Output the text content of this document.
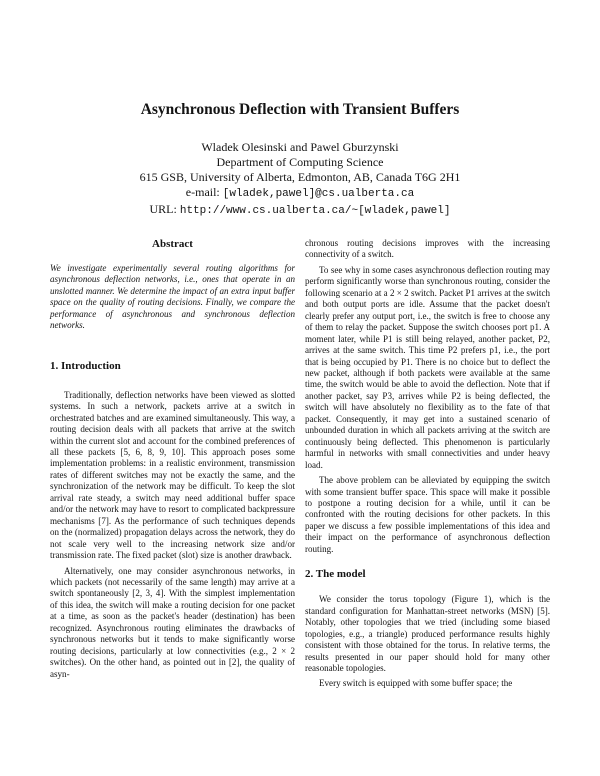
Asynchronous Deflection with Transient Buffers
Wladek Olesinski and Pawel Gburzynski
Department of Computing Science
615 GSB, University of Alberta, Edmonton, AB, Canada T6G 2H1
e-mail: [wladek,pawel]@cs.ualberta.ca
URL: http://www.cs.ualberta.ca/~[wladek,pawel]
Abstract

We investigate experimentally several routing algorithms for asynchronous deflection networks, i.e., ones that operate in an unslotted manner. We determine the impact of an extra input buffer space on the quality of routing decisions. Finally, we compare the performance of asynchronous and synchronous deflection networks.

1. Introduction

Traditionally, deflection networks have been viewed as slotted systems. In such a network, packets arrive at a switch in orchestrated batches and are examined simultaneously. This way, a routing decision deals with all packets that arrive at the switch within the current slot and account for the combined preferences of all these packets [5, 6, 8, 9, 10]. This approach poses some implementation problems: in a realistic environment, transmission rates of different switches may not be exactly the same, and the synchronization of the network may be difficult. To keep the slot arrival rate steady, a switch may need additional buffer space and/or the network may have to resort to complicated backpressure mechanisms [7]. As the performance of such techniques depends on the (normalized) propagation delays across the network, they do not scale very well to the increasing network size and/or transmission rate. The fixed packet (slot) size is another drawback.

Alternatively, one may consider asynchronous networks, in which packets (not necessarily of the same length) may arrive at a switch spontaneously [2, 3, 4]. With the simplest implementation of this idea, the switch will make a routing decision for one packet at a time, as soon as the packet's header (destination) has been recognized. Asynchronous routing eliminates the drawbacks of synchronous networks but it tends to make significantly worse routing decisions, particularly at low connectivities (e.g., 2 × 2 switches). On the other hand, as pointed out in [2], the quality of asyn-

chronous routing decisions improves with the increasing connectivity of a switch.

To see why in some cases asynchronous deflection routing may perform significantly worse than synchronous routing, consider the following scenario at a 2 × 2 switch. Packet P1 arrives at the switch and both output ports are idle. Assume that the packet doesn't clearly prefer any output port, i.e., the switch is free to choose any of them to relay the packet. Suppose the switch chooses port p1. A moment later, while P1 is still being relayed, another packet, P2, arrives at the same switch. This time P2 prefers p1, i.e., the port that is being occupied by P1. There is no choice but to deflect the new packet, although if both packets were available at the same time, the switch would be able to avoid the deflection. Note that if another packet, say P3, arrives while P2 is being deflected, the switch will have absolutely no flexibility as to the fate of that packet. Consequently, it may get into a sustained scenario of unbounded duration in which all packets arriving at the switch are continuously being deflected. This phenomenon is particularly harmful in networks with small connectivities and under heavy load.

The above problem can be alleviated by equipping the switch with some transient buffer space. This space will make it possible to postpone a routing decision for a while, until it can be confronted with the routing decisions for other packets. In this paper we discuss a few possible implementations of this idea and their impact on the performance of asynchronous deflection routing.

2. The model

We consider the torus topology (Figure 1), which is the standard configuration for Manhattan-street networks (MSN) [5]. Notably, other topologies that we tried (including some biased topologies, e.g., a triangle) produced performance results highly consistent with those obtained for the torus. In relative terms, the results presented in our paper should hold for many other reasonable topologies.

Every switch is equipped with some buffer space; the
